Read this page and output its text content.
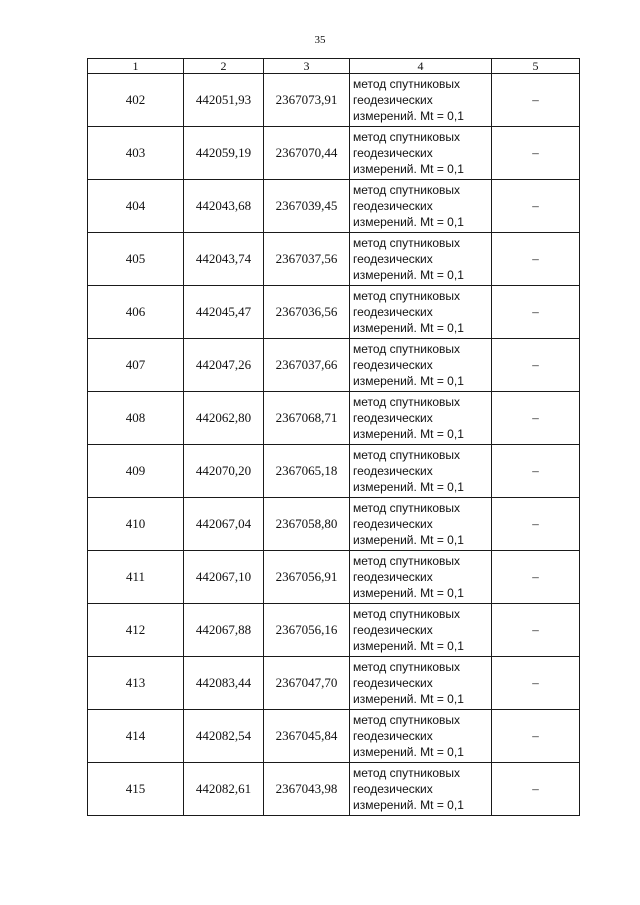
35
1	2	3	4	5
402	442051,93	2367073,91	метод спутниковых
геодезических
измерений. Mt = 0,1	–
403	442059,19	2367070,44	метод спутниковых
геодезических
измерений. Mt = 0,1	–
404	442043,68	2367039,45	метод спутниковых
геодезических
измерений. Mt = 0,1	–
405	442043,74	2367037,56	метод спутниковых
геодезических
измерений. Mt = 0,1	–
406	442045,47	2367036,56	метод спутниковых
геодезических
измерений. Mt = 0,1	–
407	442047,26	2367037,66	метод спутниковых
геодезических
измерений. Mt = 0,1	–
408	442062,80	2367068,71	метод спутниковых
геодезических
измерений. Mt = 0,1	–
409	442070,20	2367065,18	метод спутниковых
геодезических
измерений. Mt = 0,1	–
410	442067,04	2367058,80	метод спутниковых
геодезических
измерений. Mt = 0,1	–
411	442067,10	2367056,91	метод спутниковых
геодезических
измерений. Mt = 0,1	–
412	442067,88	2367056,16	метод спутниковых
геодезических
измерений. Mt = 0,1	–
413	442083,44	2367047,70	метод спутниковых
геодезических
измерений. Mt = 0,1	–
414	442082,54	2367045,84	метод спутниковых
геодезических
измерений. Mt = 0,1	–
415	442082,61	2367043,98	метод спутниковых
геодезических
измерений. Mt = 0,1	–
